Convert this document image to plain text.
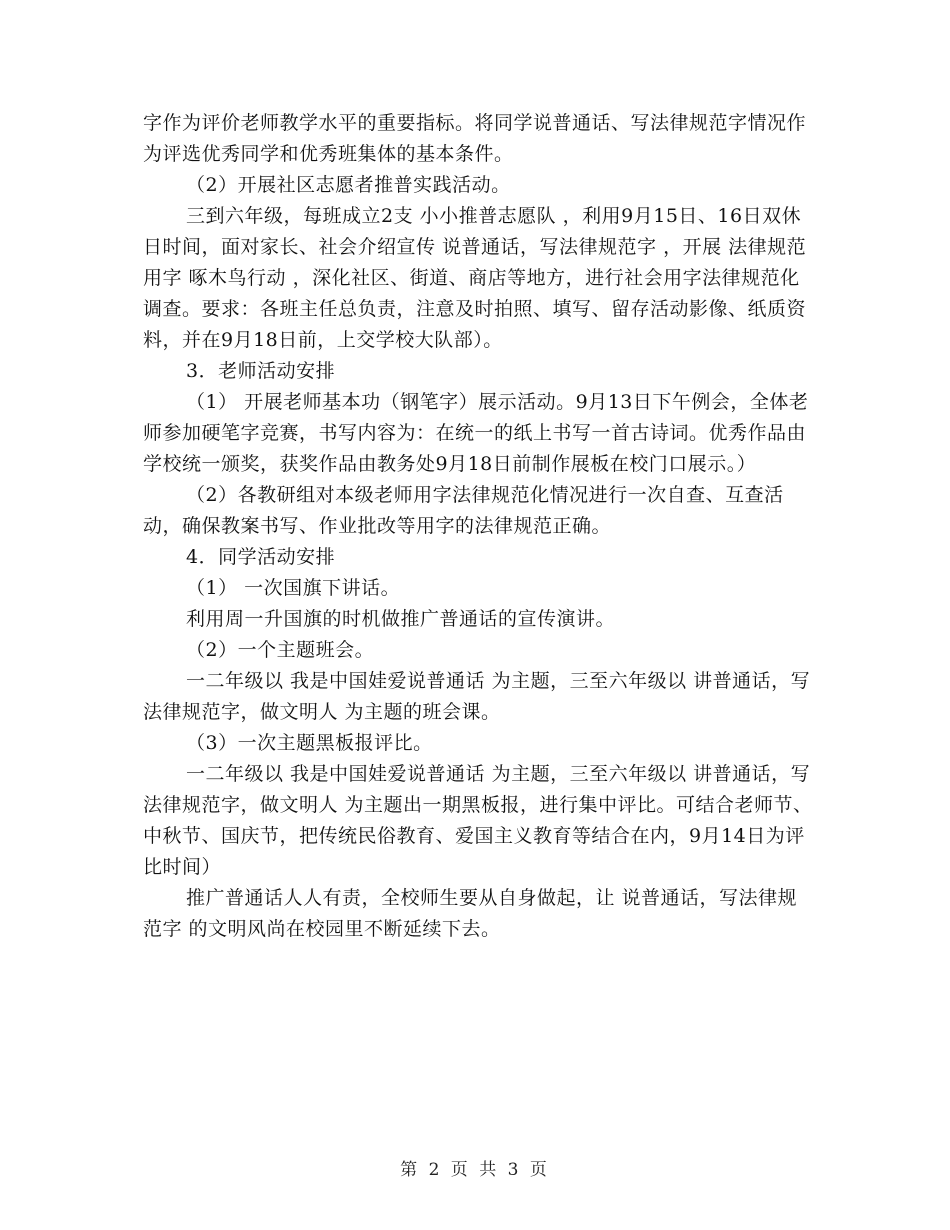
字作为评价老师教学水平的重要指标。将同学说普通话、写法律规范字情况作为评选优秀同学和优秀班集体的基本条件。

（2）开展社区志愿者推普实践活动。

三到六年级，每班成立2支 小小推普志愿队 ，利用9月15日、16日双休日时间，面对家长、社会介绍宣传 说普通话，写法律规范字 ，开展 法律规范用字 啄木鸟行动 ，深化社区、街道、商店等地方，进行社会用字法律规范化调查。要求：各班主任总负责，注意及时拍照、填写、留存活动影像、纸质资料，并在9月18日前，上交学校大队部）。

3．老师活动安排

（1） 开展老师基本功（钢笔字）展示活动。9月13日下午例会，全体老师参加硬笔字竞赛，书写内容为：在统一的纸上书写一首古诗词。优秀作品由学校统一颁奖，获奖作品由教务处9月18日前制作展板在校门口展示。）

（2）各教研组对本级老师用字法律规范化情况进行一次自查、互查活动，确保教案书写、作业批改等用字的法律规范正确。

4．同学活动安排

（1） 一次国旗下讲话。

利用周一升国旗的时机做推广普通话的宣传演讲。

（2）一个主题班会。

一二年级以 我是中国娃爱说普通话 为主题，三至六年级以 讲普通话，写法律规范字，做文明人 为主题的班会课。

（3）一次主题黑板报评比。

一二年级以 我是中国娃爱说普通话 为主题，三至六年级以 讲普通话，写法律规范字，做文明人 为主题出一期黑板报，进行集中评比。可结合老师节、中秋节、国庆节，把传统民俗教育、爱国主义教育等结合在内，9月14日为评比时间）

推广普通话人人有责，全校师生要从自身做起，让 说普通话，写法律规范字 的文明风尚在校园里不断延续下去。

第 2 页 共 3 页
